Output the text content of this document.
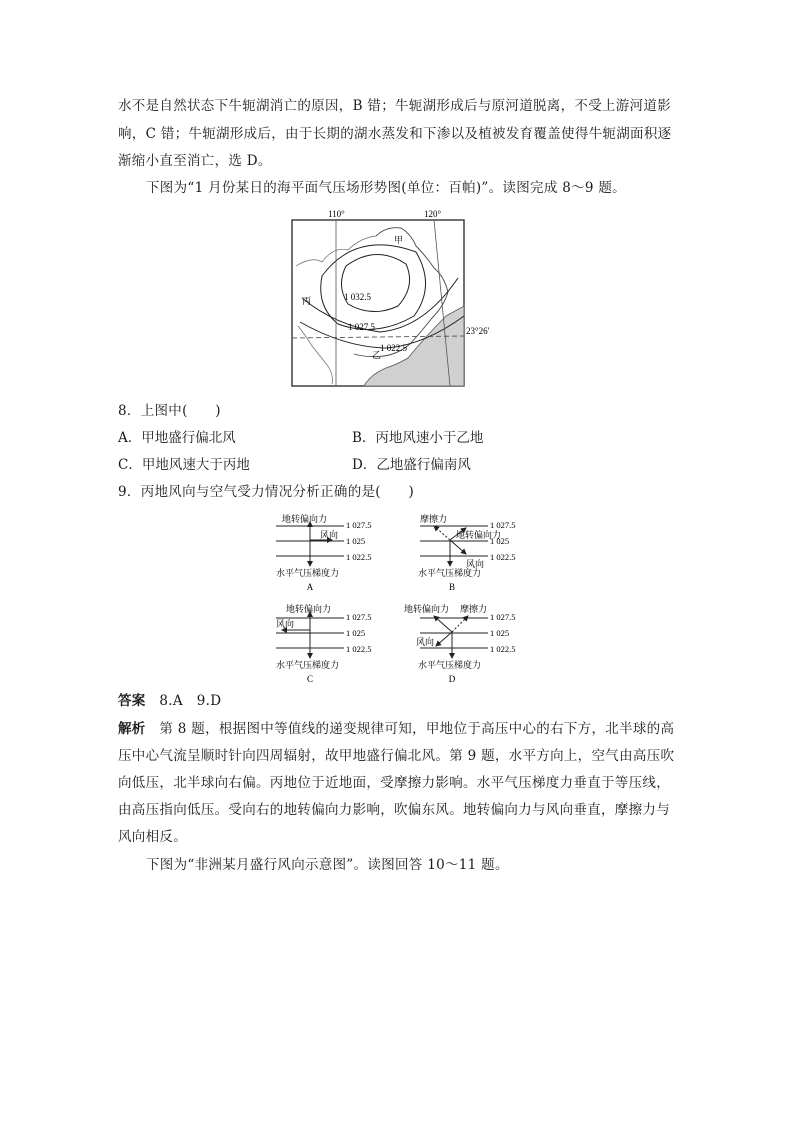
水不是自然状态下牛轭湖消亡的原因，B 错；牛轭湖形成后与原河道脱离，不受上游河道影
响，C 错；牛轭湖形成后，由于长期的湖水蒸发和下渗以及植被发育覆盖使得牛轭湖面积逐
渐缩小直至消亡，选 D。
下图为“1 月份某日的海平面气压场形势图(单位：百帕)”。读图完成 8～9 题。
110°	120°
23°26′
甲
乙
丙	1 032.5
1 027.5
1 022.5
8．上图中(　　)
A．甲地盛行偏北风	B．丙地风速小于乙地
C．甲地风速大于丙地	D．乙地盛行偏南风
9．丙地风向与空气受力情况分析正确的是(　　)
地转偏向力
风向
1 027.5
1 025
1 022.5
水平气压梯度力
A
摩擦力
地转偏向力
风向
1 027.5
1 025
1 022.5
水平气压梯度力
B
地转偏向力
风向
1 027.5
1 025
1 022.5
水平气压梯度力
C
地转偏向力 摩擦力
风向
1 027.5
1 025
1 022.5
水平气压梯度力
D
答案　8.A　9.D
解析　第 8 题，根据图中等值线的递变规律可知，甲地位于高压中心的右下方，北半球的高
压中心气流呈顺时针向四周辐射，故甲地盛行偏北风。第 9 题，水平方向上，空气由高压吹
向低压，北半球向右偏。丙地位于近地面，受摩擦力影响。水平气压梯度力垂直于等压线，
由高压指向低压。受向右的地转偏向力影响，吹偏东风。地转偏向力与风向垂直，摩擦力与
风向相反。
下图为“非洲某月盛行风向示意图”。读图回答 10～11 题。
